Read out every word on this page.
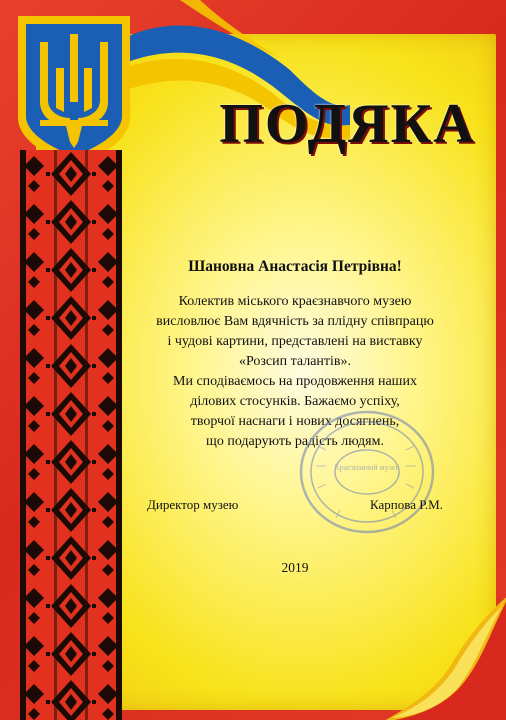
ПОДЯКА
Шановна Анастасія Петрівна!
Колектив міського краєзнавчого музею
висловлює Вам вдячність за плідну співпрацю
і чудові картини, представлені на виставку
«Розсип талантів».
Ми сподіваємось на продовження наших
ділових стосунків. Бажаємо успіху,
творчої наснаги і нових досягнень,
що подарують радість людям.
Краєзнавчий музей
Директор музею	Карпова Р.М.
2019
